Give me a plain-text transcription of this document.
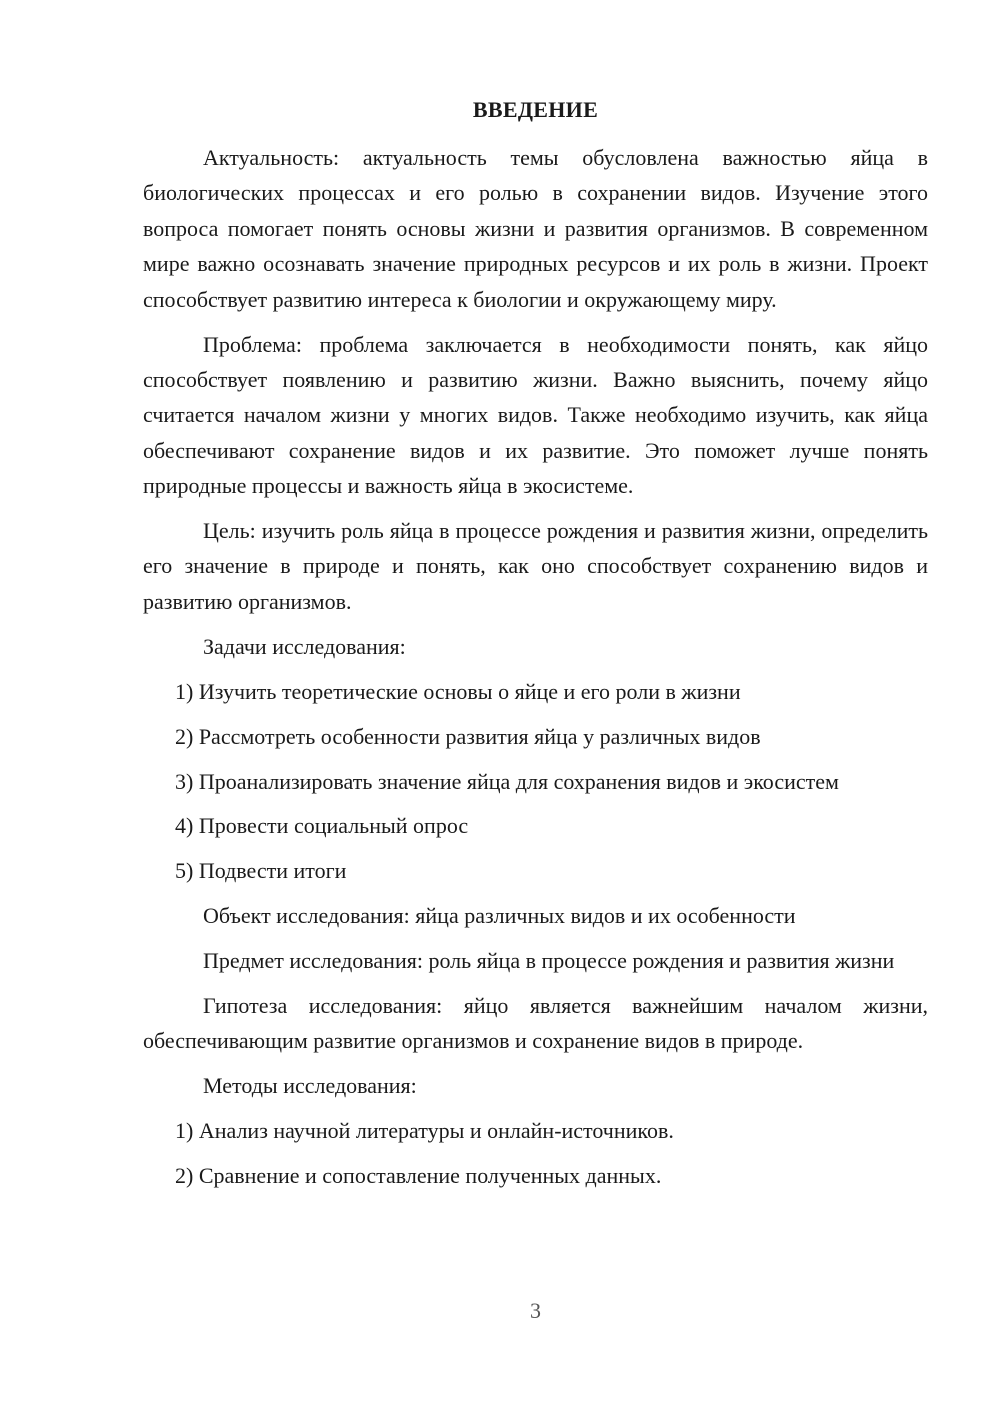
ВВЕДЕНИЕ

Актуальность: актуальность темы обусловлена важностью яйца в биологических процессах и его ролью в сохранении видов. Изучение этого вопроса помогает понять основы жизни и развития организмов. В современном мире важно осознавать значение природных ресурсов и их роль в жизни. Проект способствует развитию интереса к биологии и окружающему миру.

Проблема: проблема заключается в необходимости понять, как яйцо способствует появлению и развитию жизни. Важно выяснить, почему яйцо считается началом жизни у многих видов. Также необходимо изучить, как яйца обеспечивают сохранение видов и их развитие. Это поможет лучше понять природные процессы и важность яйца в экосистеме.

Цель: изучить роль яйца в процессе рождения и развития жизни, определить его значение в природе и понять, как оно способствует сохранению видов и развитию организмов.

Задачи исследования:

1) Изучить теоретические основы о яйце и его роли в жизни

2) Рассмотреть особенности развития яйца у различных видов

3) Проанализировать значение яйца для сохранения видов и экосистем

4) Провести социальный опрос

5) Подвести итоги

Объект исследования: яйца различных видов и их особенности

Предмет исследования: роль яйца в процессе рождения и развития жизни

Гипотеза исследования: яйцо является важнейшим началом жизни, обеспечивающим развитие организмов и сохранение видов в природе.

Методы исследования:

1) Анализ научной литературы и онлайн-источников.

2) Сравнение и сопоставление полученных данных.

3
